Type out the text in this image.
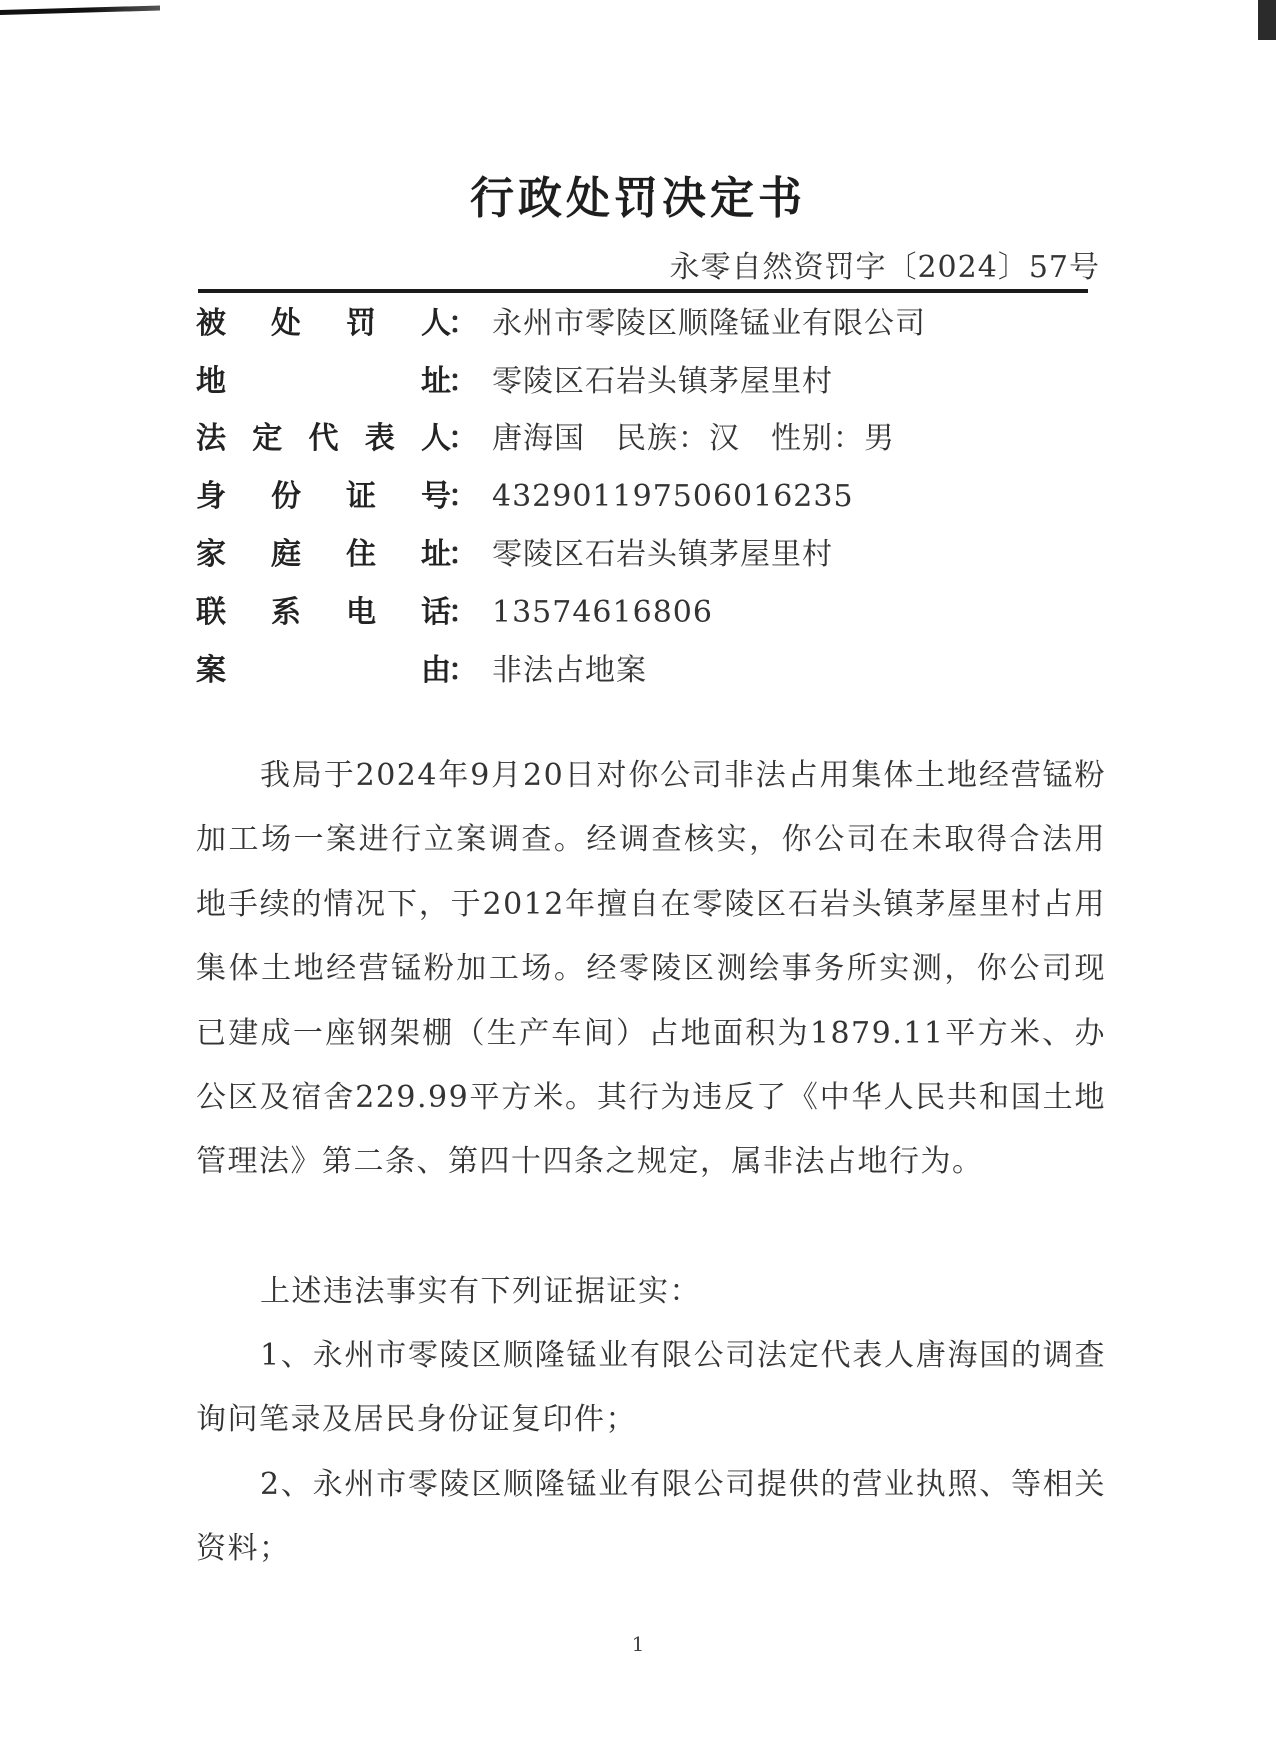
行政处罚决定书
永零自然资罚字〔2024〕57号
被 处 罚 人
： 永州市零陵区顺隆锰业有限公司
地	址
： 零陵区石岩头镇茅屋里村
法 定 代 表 人
： 唐海国　民族：汉　性别：男
身 份 证 号
： 432901197506016235
家 庭 住 址
： 零陵区石岩头镇茅屋里村
联 系 电 话
： 13574616806
案	由
： 非法占地案

我局于2024年9月20日对你公司非法占用集体土地经营锰粉加工场一案进行立案调查。经调查核实，你公司在未取得合法用地手续的情况下，于2012年擅自在零陵区石岩头镇茅屋里村占用集体土地经营锰粉加工场。经零陵区测绘事务所实测，你公司现已建成一座钢架棚（生产车间）占地面积为1879.11平方米、办公区及宿舍229.99平方米。其行为违反了《中华人民共和国土地管理法》第二条、第四十四条之规定，属非法占地行为。

上述违法事实有下列证据证实：

1、永州市零陵区顺隆锰业有限公司法定代表人唐海国的调查询问笔录及居民身份证复印件；

2、永州市零陵区顺隆锰业有限公司提供的营业执照、等相关资料；

1
